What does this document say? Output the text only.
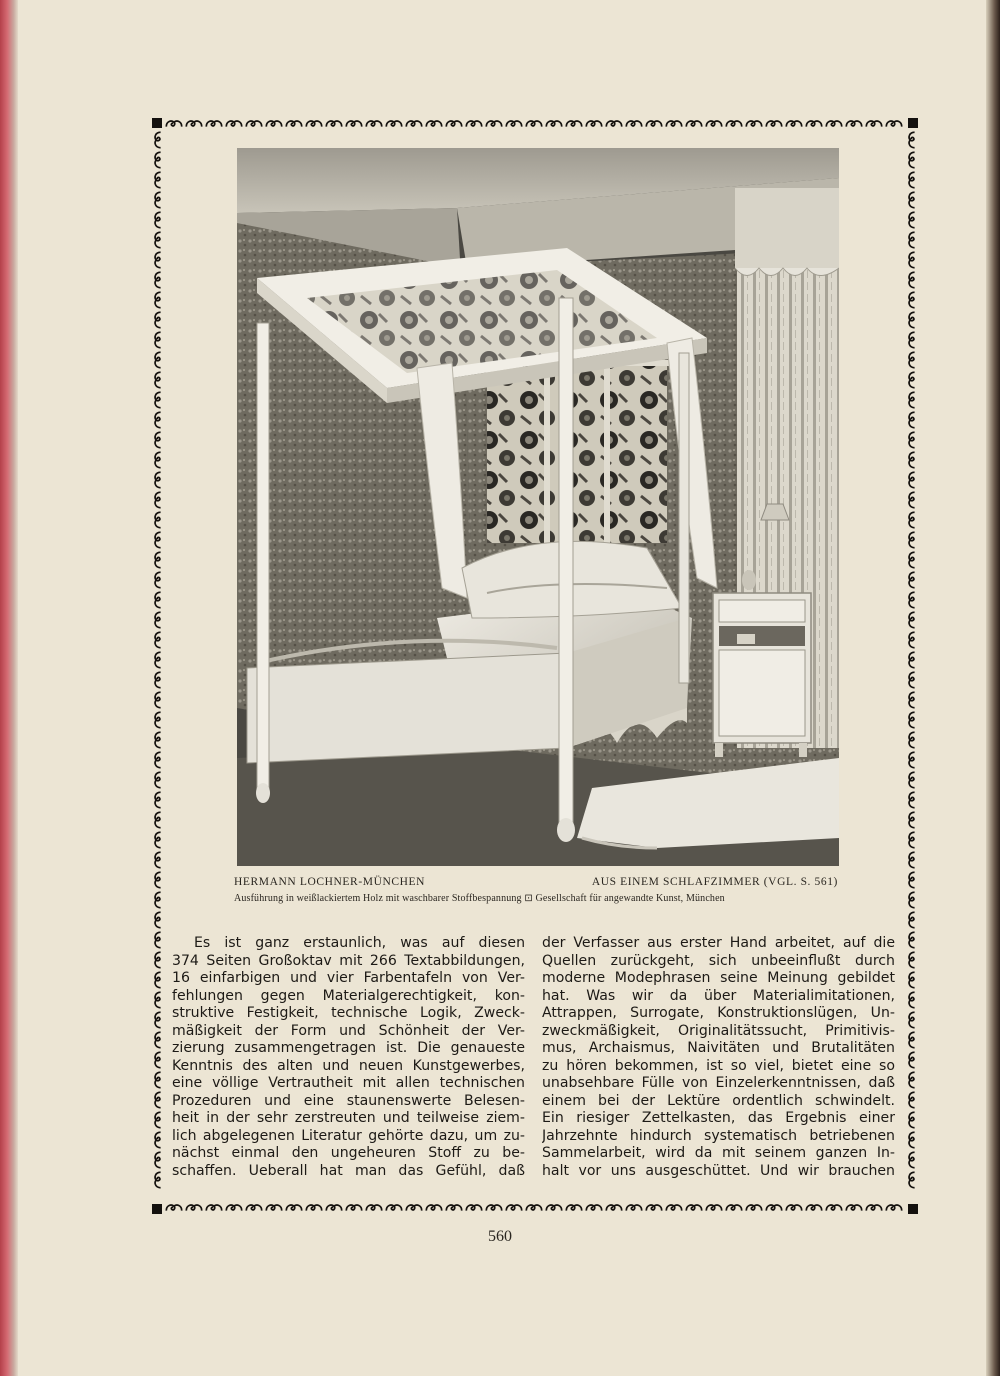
HERMANN LOCHNER-MÜNCHEN	AUS EINEM SCHLAFZIMMER (VGL. S. 561)
Ausführung in weißlackiertem Holz mit waschbarer Stoffbespannung ⊡ Gesellschaft für angewandte Kunst, München
Es ist ganz erstaunlich, was auf diesen
374 Seiten Großoktav mit 266 Textabbildungen,
16 einfarbigen und vier Farbentafeln von Ver-
fehlungen gegen Materialgerechtigkeit, kon-
struktive Festigkeit, technische Logik, Zweck-
mäßigkeit der Form und Schönheit der Ver-
zierung zusammengetragen ist. Die genaueste
Kenntnis des alten und neuen Kunstgewerbes,
eine völlige Vertrautheit mit allen technischen
Prozeduren und eine staunenswerte Belesen-
heit in der sehr zerstreuten und teilweise ziem-
lich abgelegenen Literatur gehörte dazu, um zu-
nächst einmal den ungeheuren Stoff zu be-
schaffen. Ueberall hat man das Gefühl, daß
der Verfasser aus erster Hand arbeitet, auf die
Quellen zurückgeht, sich unbeeinflußt durch
moderne Modephrasen seine Meinung gebildet
hat. Was wir da über Materialimitationen,
Attrappen, Surrogate, Konstruktionslügen, Un-
zweckmäßigkeit, Originalitätssucht, Primitivis-
mus, Archaismus, Naivitäten und Brutalitäten
zu hören bekommen, ist so viel, bietet eine so
unabsehbare Fülle von Einzelerkenntnissen, daß
einem bei der Lektüre ordentlich schwindelt.
Ein riesiger Zettelkasten, das Ergebnis einer
Jahrzehnte hindurch systematisch betriebenen
Sammelarbeit, wird da mit seinem ganzen In-
halt vor uns ausgeschüttet. Und wir brauchen
560
